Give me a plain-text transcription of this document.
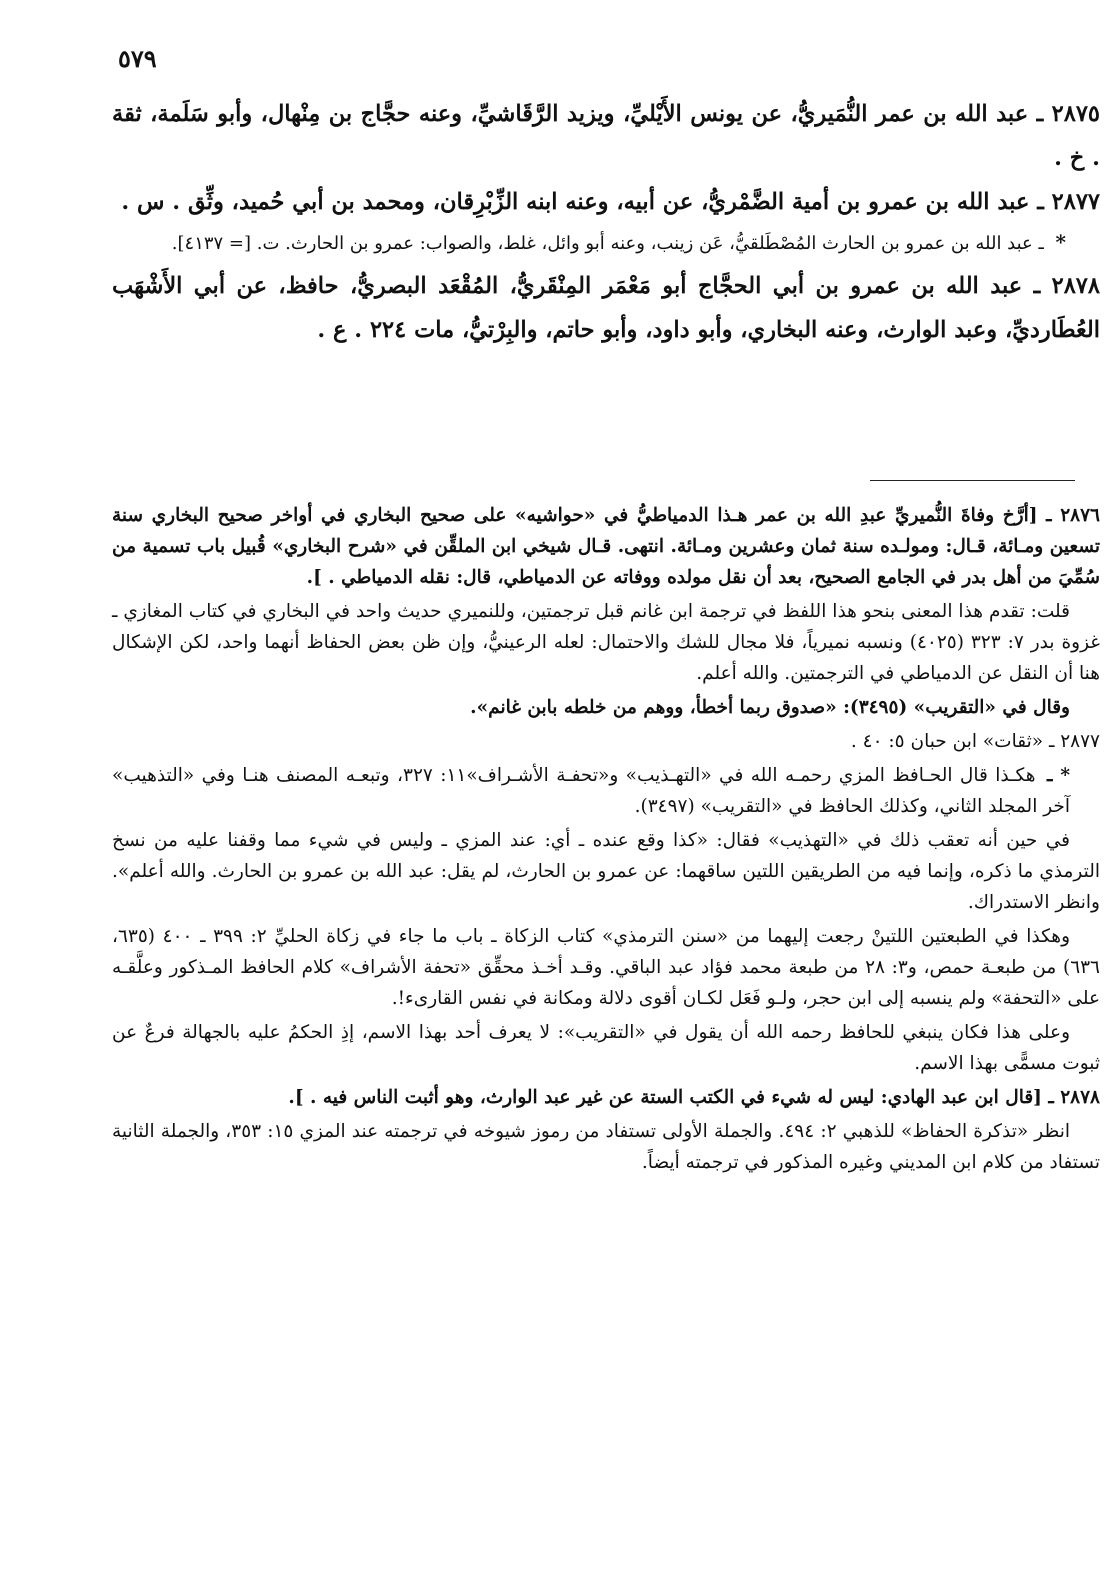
٥٧٩
٢٨٧٥ ـ عبد الله بن عمر النُّمَيريُّ، عن يونس الأَيْليِّ، ويزيد الرَّقَاشيِّ، وعنه حجَّاج بن مِنْهال، وأبو سَلَمة، ثقة . خ .
٢٨٧٧ ـ عبد الله بن عمرو بن أمية الضَّمْريُّ، عن أبيه، وعنه ابنه الزِّبْرِقان، ومحمد بن أبي حُميد، وثِّق . س .
* ـ عبد الله بن عمرو بن الحارث المُصْطَلقيُّ، عَن زينب، وعنه أبو وائل، غلط، والصواب: عمرو بن الحارث. ت. [= ٤١٣٧].
٢٨٧٨ ـ عبد الله بن عمرو بن أبي الحجَّاج أبو مَعْمَر المِنْقَريُّ، المُقْعَد البصريُّ، حافظ، عن أبي الأَشْهَب العُطَارديِّ، وعبد الوارث، وعنه البخاري، وأبو داود، وأبو حاتم، والبِرْتيُّ، مات ٢٢٤ . ع .
٢٨٧٦ ـ [أرَّخ وفاةَ النُّميريِّ عبدِ الله بن عمر هـذا الدمياطيُّ في «حواشيه» على صحيح البخاري في أواخر صحيح البخاري سنة تسعين ومـائة، قـال: ومولـده سنة ثمان وعشرين ومـائة. انتهى. قـال شيخي ابن الملقِّن في «شرح البخاري» قُبيل باب تسمية من سُمِّيَ من أهل بدر في الجامع الصحيح، بعد أن نقل مولده ووفاته عن الدمياطي، قال: نقله الدمياطي . ].
قلت: تقدم هذا المعنى بنحو هذا اللفظ في ترجمة ابن غانم قبل ترجمتين، وللنميري حديث واحد في البخاري في كتاب المغازي ـ غزوة بدر ٧: ٣٢٣ (٤٠٢٥) ونسبه نميرياً، فلا مجال للشك والاحتمال: لعله الرعينيُّ، وإن ظن بعض الحفاظ أنهما واحد، لكن الإشكال هنا أن النقل عن الدمياطي في الترجمتين. والله أعلم.
وقال في «التقريب» (٣٤٩٥): «صدوق ربما أخطأ، ووهم من خلطه بابن غانم».
٢٨٧٧ ـ «ثقات» ابن حبان ٥: ٤٠ .
* ـ هكـذا قال الحـافظ المزي رحمـه الله في «التهـذيب» و«تحفـة الأشـراف»١١: ٣٢٧، وتبعـه المصنف هنـا وفي «التذهيب» آخر المجلد الثاني، وكذلك الحافظ في «التقريب» (٣٤٩٧).
في حين أنه تعقب ذلك في «التهذيب» فقال: «كذا وقع عنده ـ أي: عند المزي ـ وليس في شيء مما وقفنا عليه من نسخ الترمذي ما ذكره، وإنما فيه من الطريقين اللتين ساقهما: عن عمرو بن الحارث، لم يقل: عبد الله بن عمرو بن الحارث. والله أعلم». وانظر الاستدراك.
وهكذا في الطبعتين اللتينْ رجعت إليهما من «سنن الترمذي» كتاب الزكاة ـ باب ما جاء في زكاة الحليِّ ٢: ٣٩٩ ـ ٤٠٠ (٦٣٥، ٦٣٦) من طبعـة حمص، و٣: ٢٨ من طبعة محمد فؤاد عبد الباقي. وقـد أخـذ محقِّق «تحفة الأشراف» كلام الحافظ المـذكور وعلَّقـه على «التحفة» ولم ينسبه إلى ابن حجر، ولـو فَعَل لكـان أقوى دلالة ومكانة في نفس القارىء!.
وعلى هذا فكان ينبغي للحافظ رحمه الله أن يقول في «التقريب»: لا يعرف أحد بهذا الاسم، إذِ الحكمُ عليه بالجهالة فرعٌ عن ثبوت مسمًّى بهذا الاسم.
٢٨٧٨ ـ [قال ابن عبد الهادي: ليس له شيء في الكتب الستة عن غير عبد الوارث، وهو أثبت الناس فيه . ].
انظر «تذكرة الحفاظ» للذهبي ٢: ٤٩٤. والجملة الأولى تستفاد من رموز شيوخه في ترجمته عند المزي ١٥: ٣٥٣، والجملة الثانية تستفاد من كلام ابن المديني وغيره المذكور في ترجمته أيضاً.
